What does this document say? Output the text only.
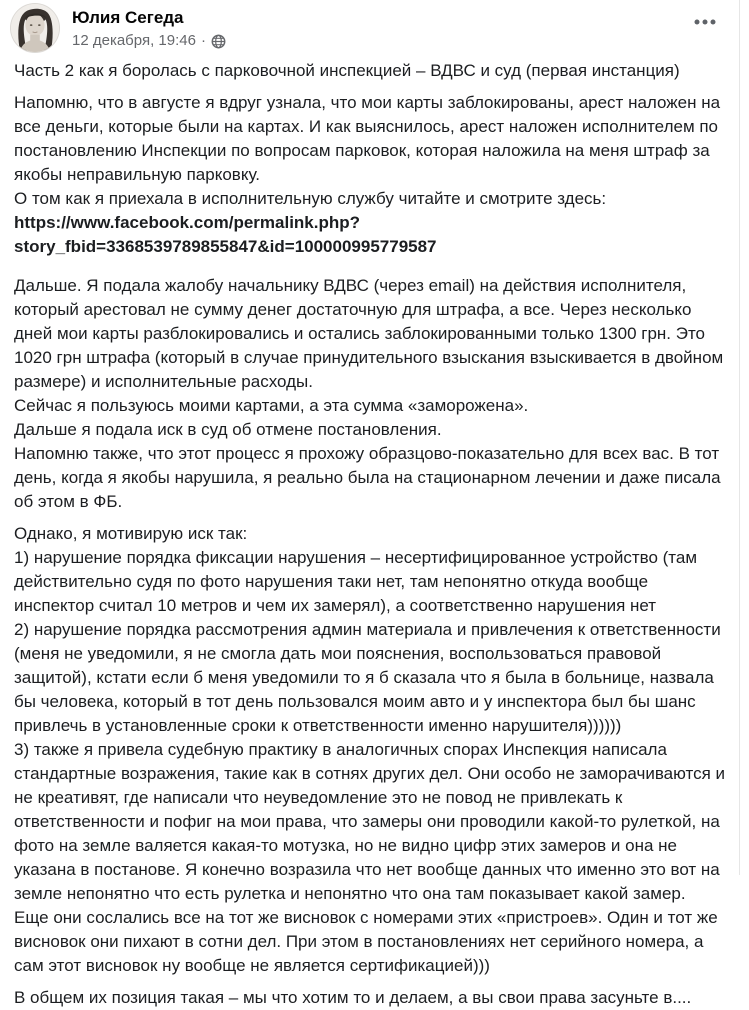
Юлия Сегеда
12 декабря, 19:46 ·

Часть 2 как я боролась с парковочной инспекцией – ВДВС и суд (первая инстанция)

Напомню, что в августе я вдруг узнала, что мои карты заблокированы, арест наложен на все деньги, которые были на картах. И как выяснилось, арест наложен исполнителем по постановлению Инспекции по вопросам парковок, которая наложила на меня штраф за якобы неправильную парковку.

О том как я приехала в исполнительную службу читайте и смотрите здесь:

https://www.facebook.com/permalink.php?
story_fbid=3368539789855847&id=100000995779587

Дальше. Я подала жалобу начальнику ВДВС (через email) на действия исполнителя, который арестовал не сумму денег достаточную для штрафа, а все. Через несколько дней мои карты разблокировались и остались заблокированными только 1300 грн. Это 1020 грн штрафа (который в случае принудительного взыскания взыскивается в двойном размере) и исполнительные расходы.

Сейчас я пользуюсь моими картами, а эта сумма «заморожена».

Дальше я подала иск в суд об отмене постановления.

Напомню также, что этот процесс я прохожу образцово-показательно для всех вас. В тот день, когда я якобы нарушила, я реально была на стационарном лечении и даже писала об этом в ФБ.

Однако, я мотивирую иск так:

1) нарушение порядка фиксации нарушения – несертифицированное устройство (там действительно судя по фото нарушения таки нет, там непонятно откуда вообще инспектор считал 10 метров и чем их замерял), а соответственно нарушения нет

2) нарушение порядка рассмотрения админ материала и привлечения к ответственности (меня не уведомили, я не смогла дать мои пояснения, воспользоваться правовой защитой), кстати если б меня уведомили то я б сказала что я была в больнице, назвала бы человека, который в тот день пользовался моим авто и у инспектора был бы шанс привлечь в установленные сроки к ответственности именно нарушителя))))))

3) также я привела судебную практику в аналогичных спорах Инспекция написала стандартные возражения, такие как в сотнях других дел. Они особо не заморачиваются и не креативят, где написали что неуведомление это не повод не привлекать к ответственности и пофиг на мои права, что замеры они проводили какой-то рулеткой, на фото на земле валяется какая-то мотузка, но не видно цифр этих замеров и она не указана в постанове. Я конечно возразила что нет вообще данных что именно это вот на земле непонятно что есть рулетка и непонятно что она там показывает какой замер.

Еще они сослались все на тот же висновок с номерами этих «пристроев». Один и тот же висновок они пихают в сотни дел. При этом в постановлениях нет серийного номера, а сам этот висновок ну вообще не является сертификацией)))

В общем их позиция такая – мы что хотим то и делаем, а вы свои права засуньте в....
